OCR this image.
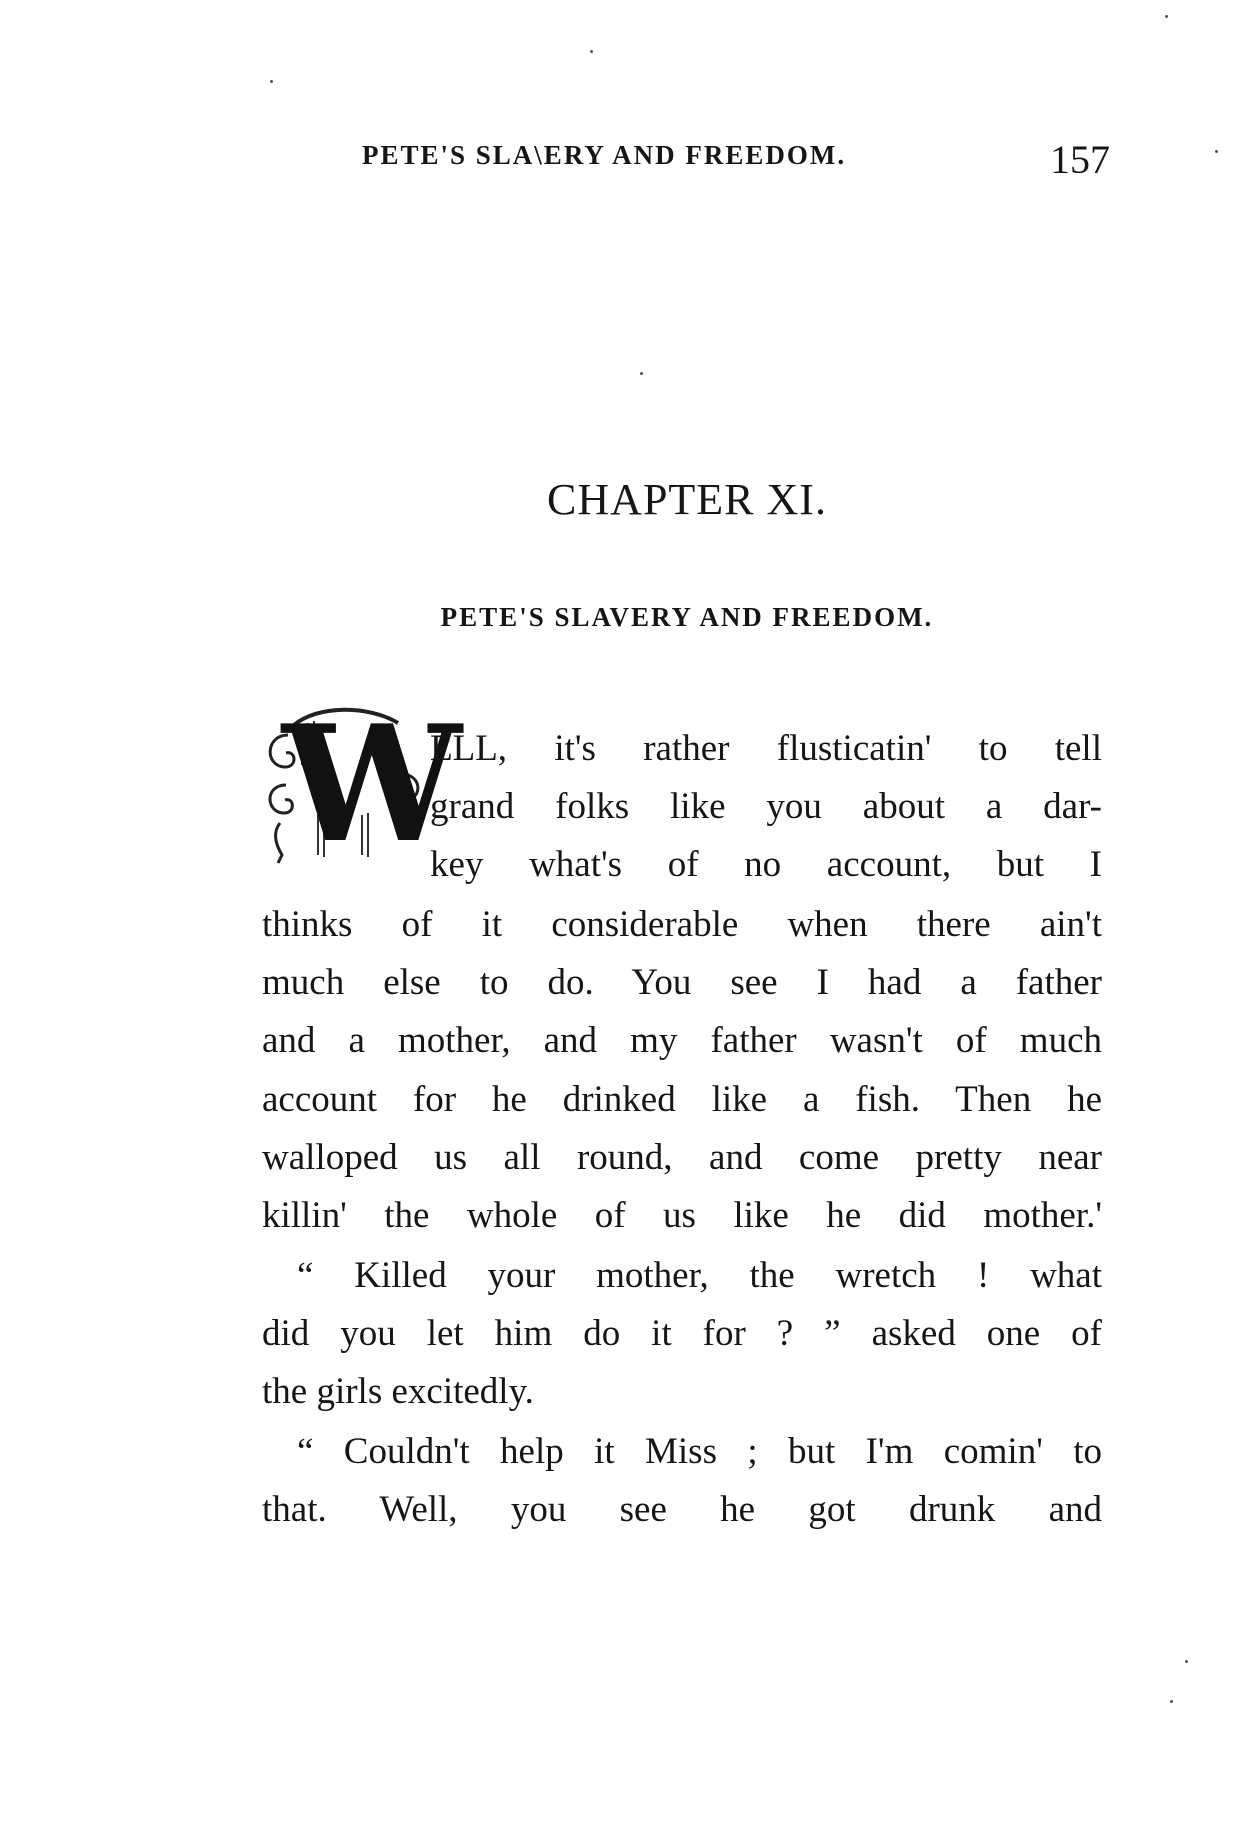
PETE'S SLA\ERY AND FREEDOM.	157
CHAPTER XI.
PETE'S SLAVERY AND FREEDOM.
W
ELL, it's rather flusticatin' to tell
grand folks like you about a dar-
key what's of no account, but I
thinks of it considerable when there ain't
much else to do. You see I had a father
and a mother, and my father wasn't of much
account for he drinked like a fish. Then he
walloped us all round, and come pretty near
killin' the whole of us like he did mother.'
“ Killed your mother, the wretch ! what
did you let him do it for ? ” asked one of
the girls excitedly.
“ Couldn't help it Miss ; but I'm comin' to
that. Well, you see he got drunk and
